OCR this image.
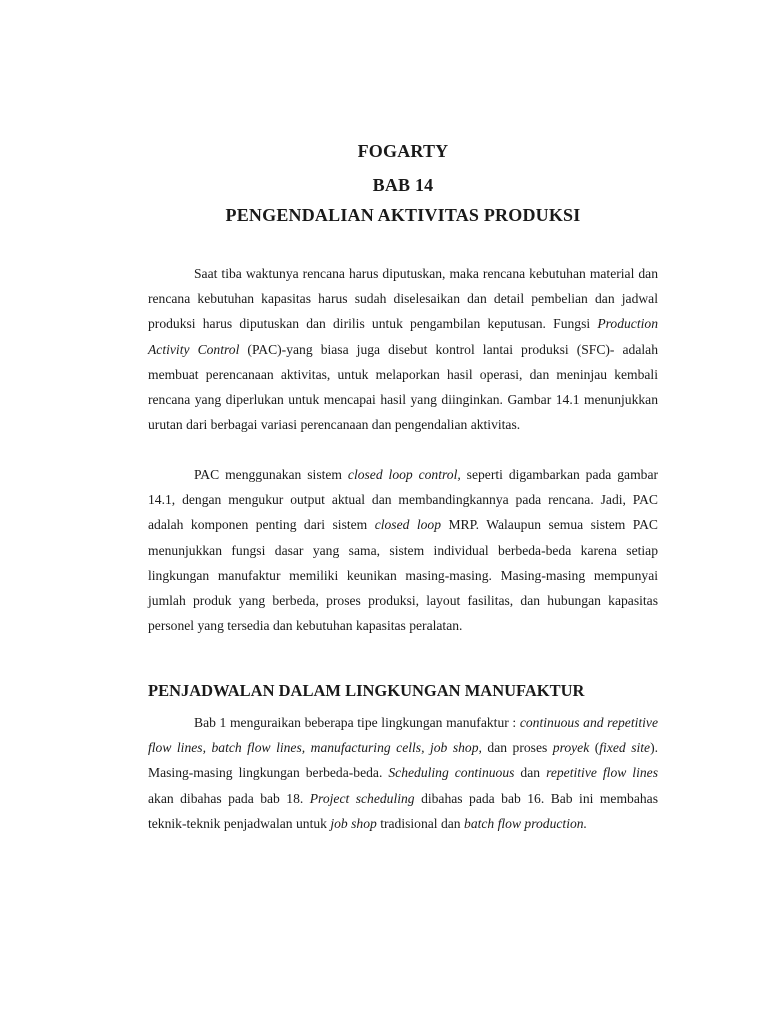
FOGARTY
BAB 14
PENGENDALIAN AKTIVITAS PRODUKSI

Saat tiba waktunya rencana harus diputuskan, maka rencana kebutuhan material dan rencana kebutuhan kapasitas harus sudah diselesaikan dan detail pembelian dan jadwal produksi harus diputuskan dan dirilis untuk pengambilan keputusan. Fungsi Production Activity Control (PAC)-yang biasa juga disebut kontrol lantai produksi (SFC)- adalah membuat perencanaan aktivitas, untuk melaporkan hasil operasi, dan meninjau kembali rencana yang diperlukan untuk mencapai hasil yang diinginkan. Gambar 14.1 menunjukkan urutan dari berbagai variasi perencanaan dan pengendalian aktivitas.

PAC menggunakan sistem closed loop control, seperti digambarkan pada gambar 14.1, dengan mengukur output aktual dan membandingkannya pada rencana. Jadi, PAC adalah komponen penting dari sistem closed loop MRP. Walaupun semua sistem PAC menunjukkan fungsi dasar yang sama, sistem individual berbeda-beda karena setiap lingkungan manufaktur memiliki keunikan masing-masing. Masing-masing mempunyai jumlah produk yang berbeda, proses produksi, layout fasilitas, dan hubungan kapasitas personel yang tersedia dan kebutuhan kapasitas peralatan.

PENJADWALAN DALAM LINGKUNGAN MANUFAKTUR

Bab 1 menguraikan beberapa tipe lingkungan manufaktur : continuous and repetitive flow lines, batch flow lines, manufacturing cells, job shop, dan proses proyek (fixed site). Masing-masing lingkungan berbeda-beda. Scheduling continuous dan repetitive flow lines akan dibahas pada bab 18. Project scheduling dibahas pada bab 16. Bab ini membahas teknik-teknik penjadwalan untuk job shop tradisional dan batch flow production.
